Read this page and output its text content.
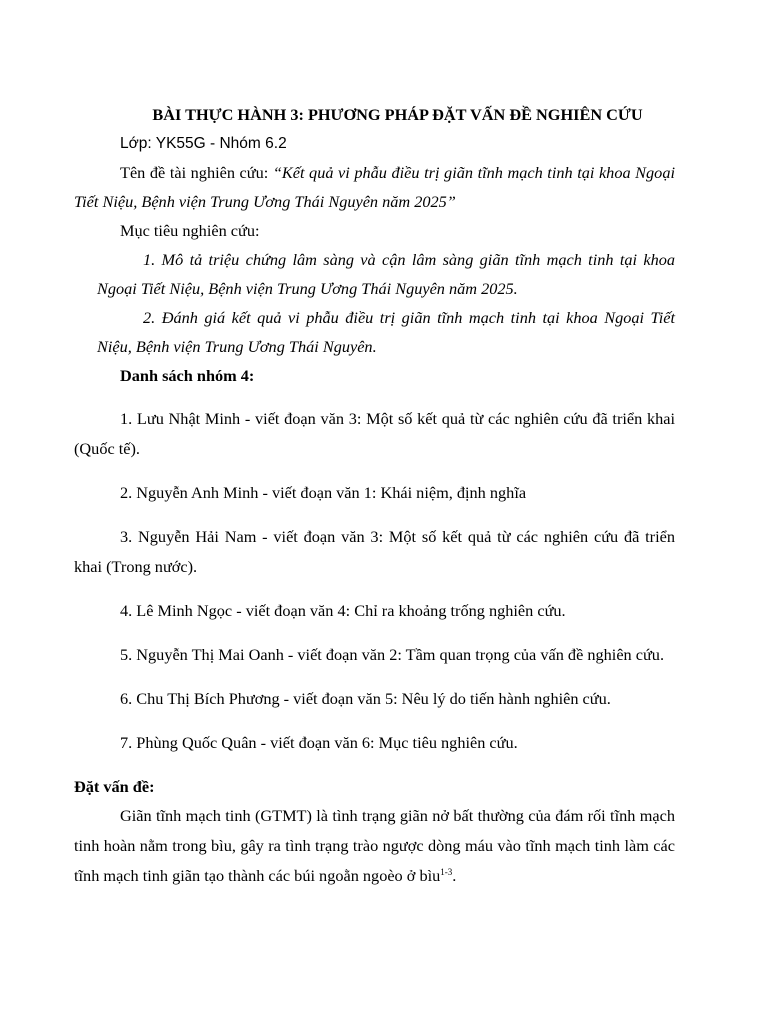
BÀI THỰC HÀNH 3: PHƯƠNG PHÁP ĐẶT VẤN ĐỀ NGHIÊN CỨU

Lớp: YK55G - Nhóm 6.2

Tên đề tài nghiên cứu: “Kết quả vi phẫu điều trị giãn tĩnh mạch tinh tại khoa Ngoại Tiết Niệu, Bệnh viện Trung Ương Thái Nguyên năm 2025”

Mục tiêu nghiên cứu:

1. Mô tả triệu chứng lâm sàng và cận lâm sàng giãn tĩnh mạch tinh tại khoa Ngoại Tiết Niệu, Bệnh viện Trung Ương Thái Nguyên năm 2025.

2. Đánh giá kết quả vi phẫu điều trị giãn tĩnh mạch tinh tại khoa Ngoại Tiết Niệu, Bệnh viện Trung Ương Thái Nguyên.

Danh sách nhóm 4:

1. Lưu Nhật Minh - viết đoạn văn 3: Một số kết quả từ các nghiên cứu đã triển khai (Quốc tế).

2. Nguyễn Anh Minh - viết đoạn văn 1: Khái niệm, định nghĩa

3. Nguyễn Hải Nam - viết đoạn văn 3: Một số kết quả từ các nghiên cứu đã triển khai (Trong nước).

4. Lê Minh Ngọc - viết đoạn văn 4: Chỉ ra khoảng trống nghiên cứu.

5. Nguyễn Thị Mai Oanh - viết đoạn văn 2: Tầm quan trọng của vấn đề nghiên cứu.

6. Chu Thị Bích Phương - viết đoạn văn 5: Nêu lý do tiến hành nghiên cứu.

7. Phùng Quốc Quân - viết đoạn văn 6: Mục tiêu nghiên cứu.

Đặt vấn đề:

Giãn tĩnh mạch tinh (GTMT) là tình trạng giãn nở bất thường của đám rối tĩnh mạch tinh hoàn nằm trong bìu, gây ra tình trạng trào ngược dòng máu vào tĩnh mạch tinh làm các tĩnh mạch tinh giãn tạo thành các búi ngoằn ngoèo ở bìu$^{1-3}$.
